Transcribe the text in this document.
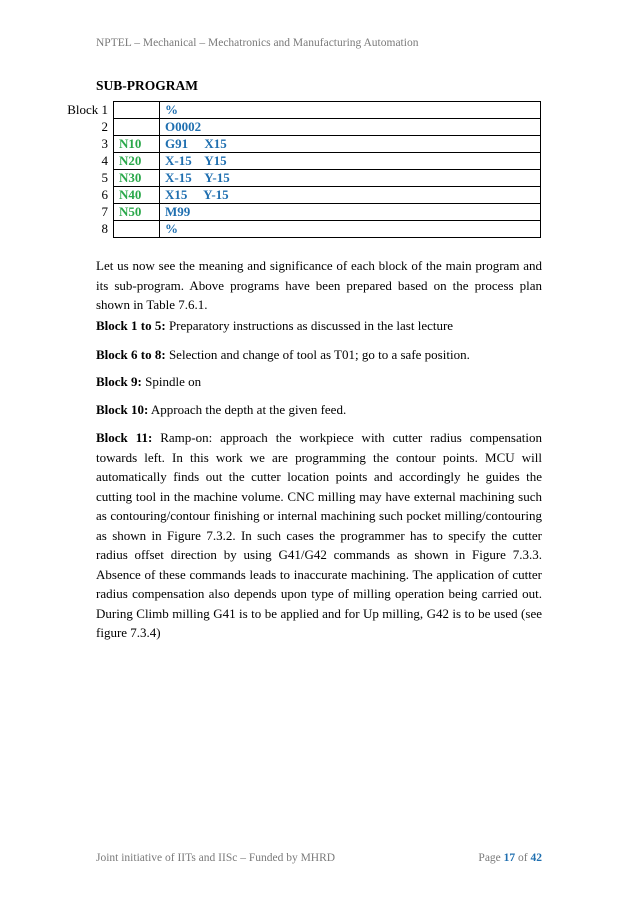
NPTEL – Mechanical – Mechatronics and Manufacturing Automation
SUB-PROGRAM
Block 1		%
2		O0002
3	N10	G91     X15
4	N20	X-15    Y15
5	N30	X-15    Y-15
6	N40	X15     Y-15
7	N50	M99
8		%

Let us now see the meaning and significance of each block of the main program and its sub-program. Above programs have been prepared based on the process plan shown in Table 7.6.1.

Block 1 to 5: Preparatory instructions as discussed in the last lecture

Block 6 to 8: Selection and change of tool as T01; go to a safe position.

Block 9: Spindle on

Block 10: Approach the depth at the given feed.

Block 11: Ramp-on: approach the workpiece with cutter radius compensation towards left. In this work we are programming the contour points. MCU will automatically finds out the cutter location points and accordingly he guides the cutting tool in the machine volume. CNC milling may have external machining such as contouring/contour finishing or internal machining such pocket milling/contouring as shown in Figure 7.3.2. In such cases the programmer has to specify the cutter radius offset direction by using G41/G42 commands as shown in Figure 7.3.3. Absence of these commands leads to inaccurate machining. The application of cutter radius compensation also depends upon type of milling operation being carried out. During Climb milling G41 is to be applied and for Up milling, G42 is to be used (see figure 7.3.4)

Joint initiative of IITs and IISc – Funded by MHRD	Page 17 of 42
